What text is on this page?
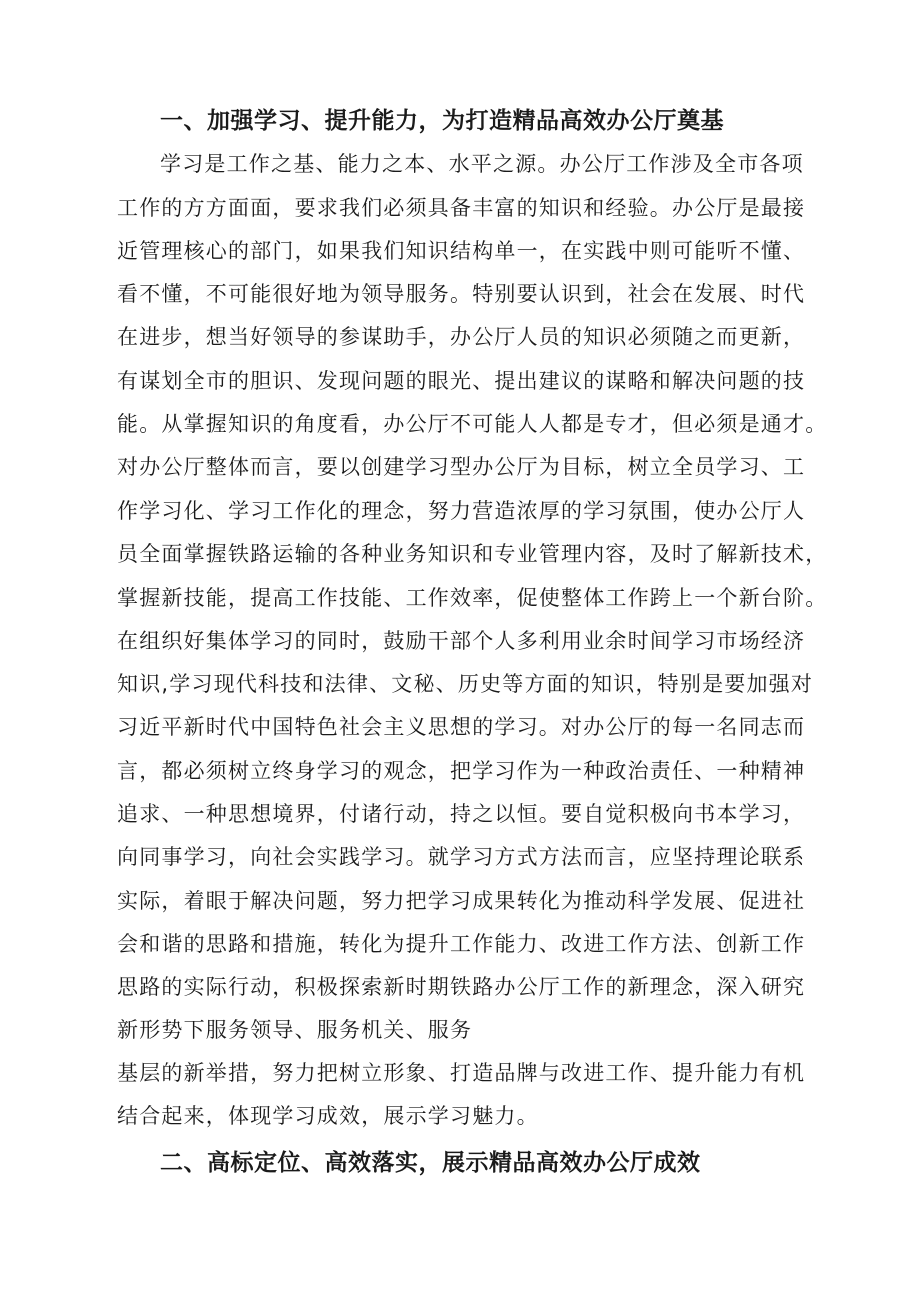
一、加强学习、提升能力，为打造精品高效办公厅奠基

学习是工作之基、能力之本、水平之源。办公厅工作涉及全市各项

工作的方方面面，要求我们必须具备丰富的知识和经验。办公厅是最接

近管理核心的部门，如果我们知识结构单一，在实践中则可能听不懂、

看不懂，不可能很好地为领导服务。特别要认识到，社会在发展、时代

在进步，想当好领导的参谋助手，办公厅人员的知识必须随之而更新，

有谋划全市的胆识、发现问题的眼光、提出建议的谋略和解决问题的技

能。从掌握知识的角度看，办公厅不可能人人都是专才，但必须是通才。

对办公厅整体而言，要以创建学习型办公厅为目标，树立全员学习、工

作学习化、学习工作化的理念，努力营造浓厚的学习氛围，使办公厅人

员全面掌握铁路运输的各种业务知识和专业管理内容，及时了解新技术，

掌握新技能，提高工作技能、工作效率，促使整体工作跨上一个新台阶。

在组织好集体学习的同时，鼓励干部个人多利用业余时间学习市场经济

知识,学习现代科技和法律、文秘、历史等方面的知识，特别是要加强对

习近平新时代中国特色社会主义思想的学习。对办公厅的每一名同志而

言，都必须树立终身学习的观念，把学习作为一种政治责任、一种精神

追求、一种思想境界，付诸行动，持之以恒。要自觉积极向书本学习，

向同事学习，向社会实践学习。就学习方式方法而言，应坚持理论联系

实际，着眼于解决问题，努力把学习成果转化为推动科学发展、促进社

会和谐的思路和措施，转化为提升工作能力、改进工作方法、创新工作

思路的实际行动，积极探索新时期铁路办公厅工作的新理念，深入研究

新形势下服务领导、服务机关、服务

基层的新举措，努力把树立形象、打造品牌与改进工作、提升能力有机

结合起来，体现学习成效，展示学习魅力。

二、高标定位、高效落实，展示精品高效办公厅成效
